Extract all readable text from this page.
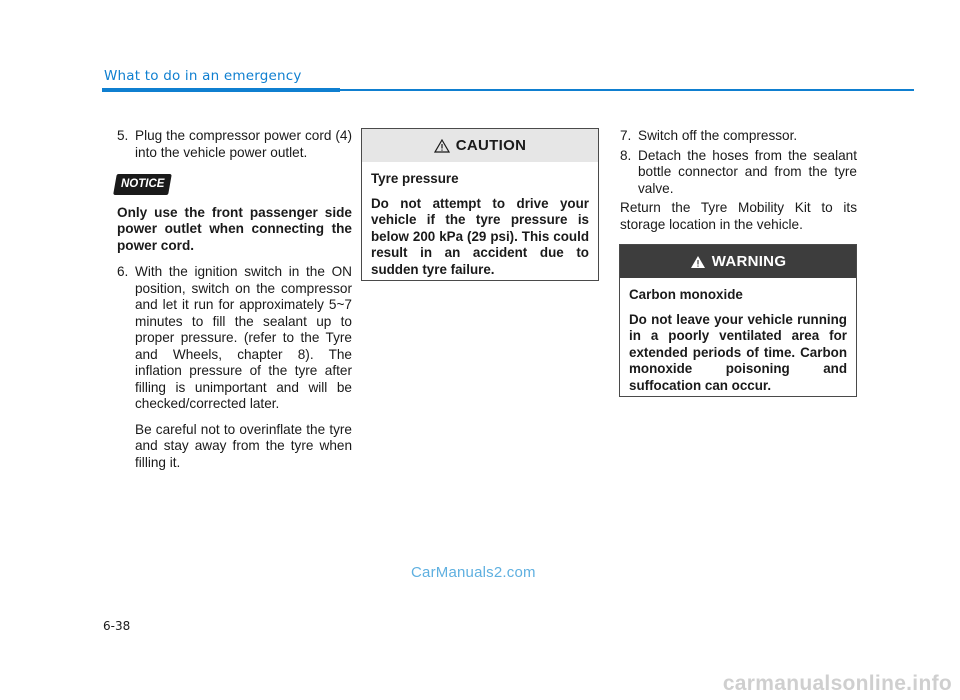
What to do in an emergency

5. Plug the compressor power cord (4) into the vehicle power outlet.

NOTICE

Only use the front passenger side power outlet when connecting the power cord.

6. With the ignition switch in the ON position, switch on the compressor and let it run for approximately 5~7 minutes to fill the sealant up to proper pressure. (refer to the Tyre and Wheels, chapter 8). The inflation pressure of the tyre after filling is unimportant and will be checked/corrected later.

Be careful not to overinflate the tyre and stay away from the tyre when filling it.

CAUTION

Tyre pressure

Do not attempt to drive your vehicle if the tyre pressure is below 200 kPa (29 psi). This could result in an accident due to sudden tyre failure.

7. Switch off the compressor.

8. Detach the hoses from the sealant bottle connector and from the tyre valve.

Return the Tyre Mobility Kit to its storage location in the vehicle.

WARNING

Carbon monoxide

Do not leave your vehicle running in a poorly ventilated area for extended periods of time. Carbon monoxide poisoning and suffocation can occur.

CarManuals2.com
6-38
carmanualsonline.info
